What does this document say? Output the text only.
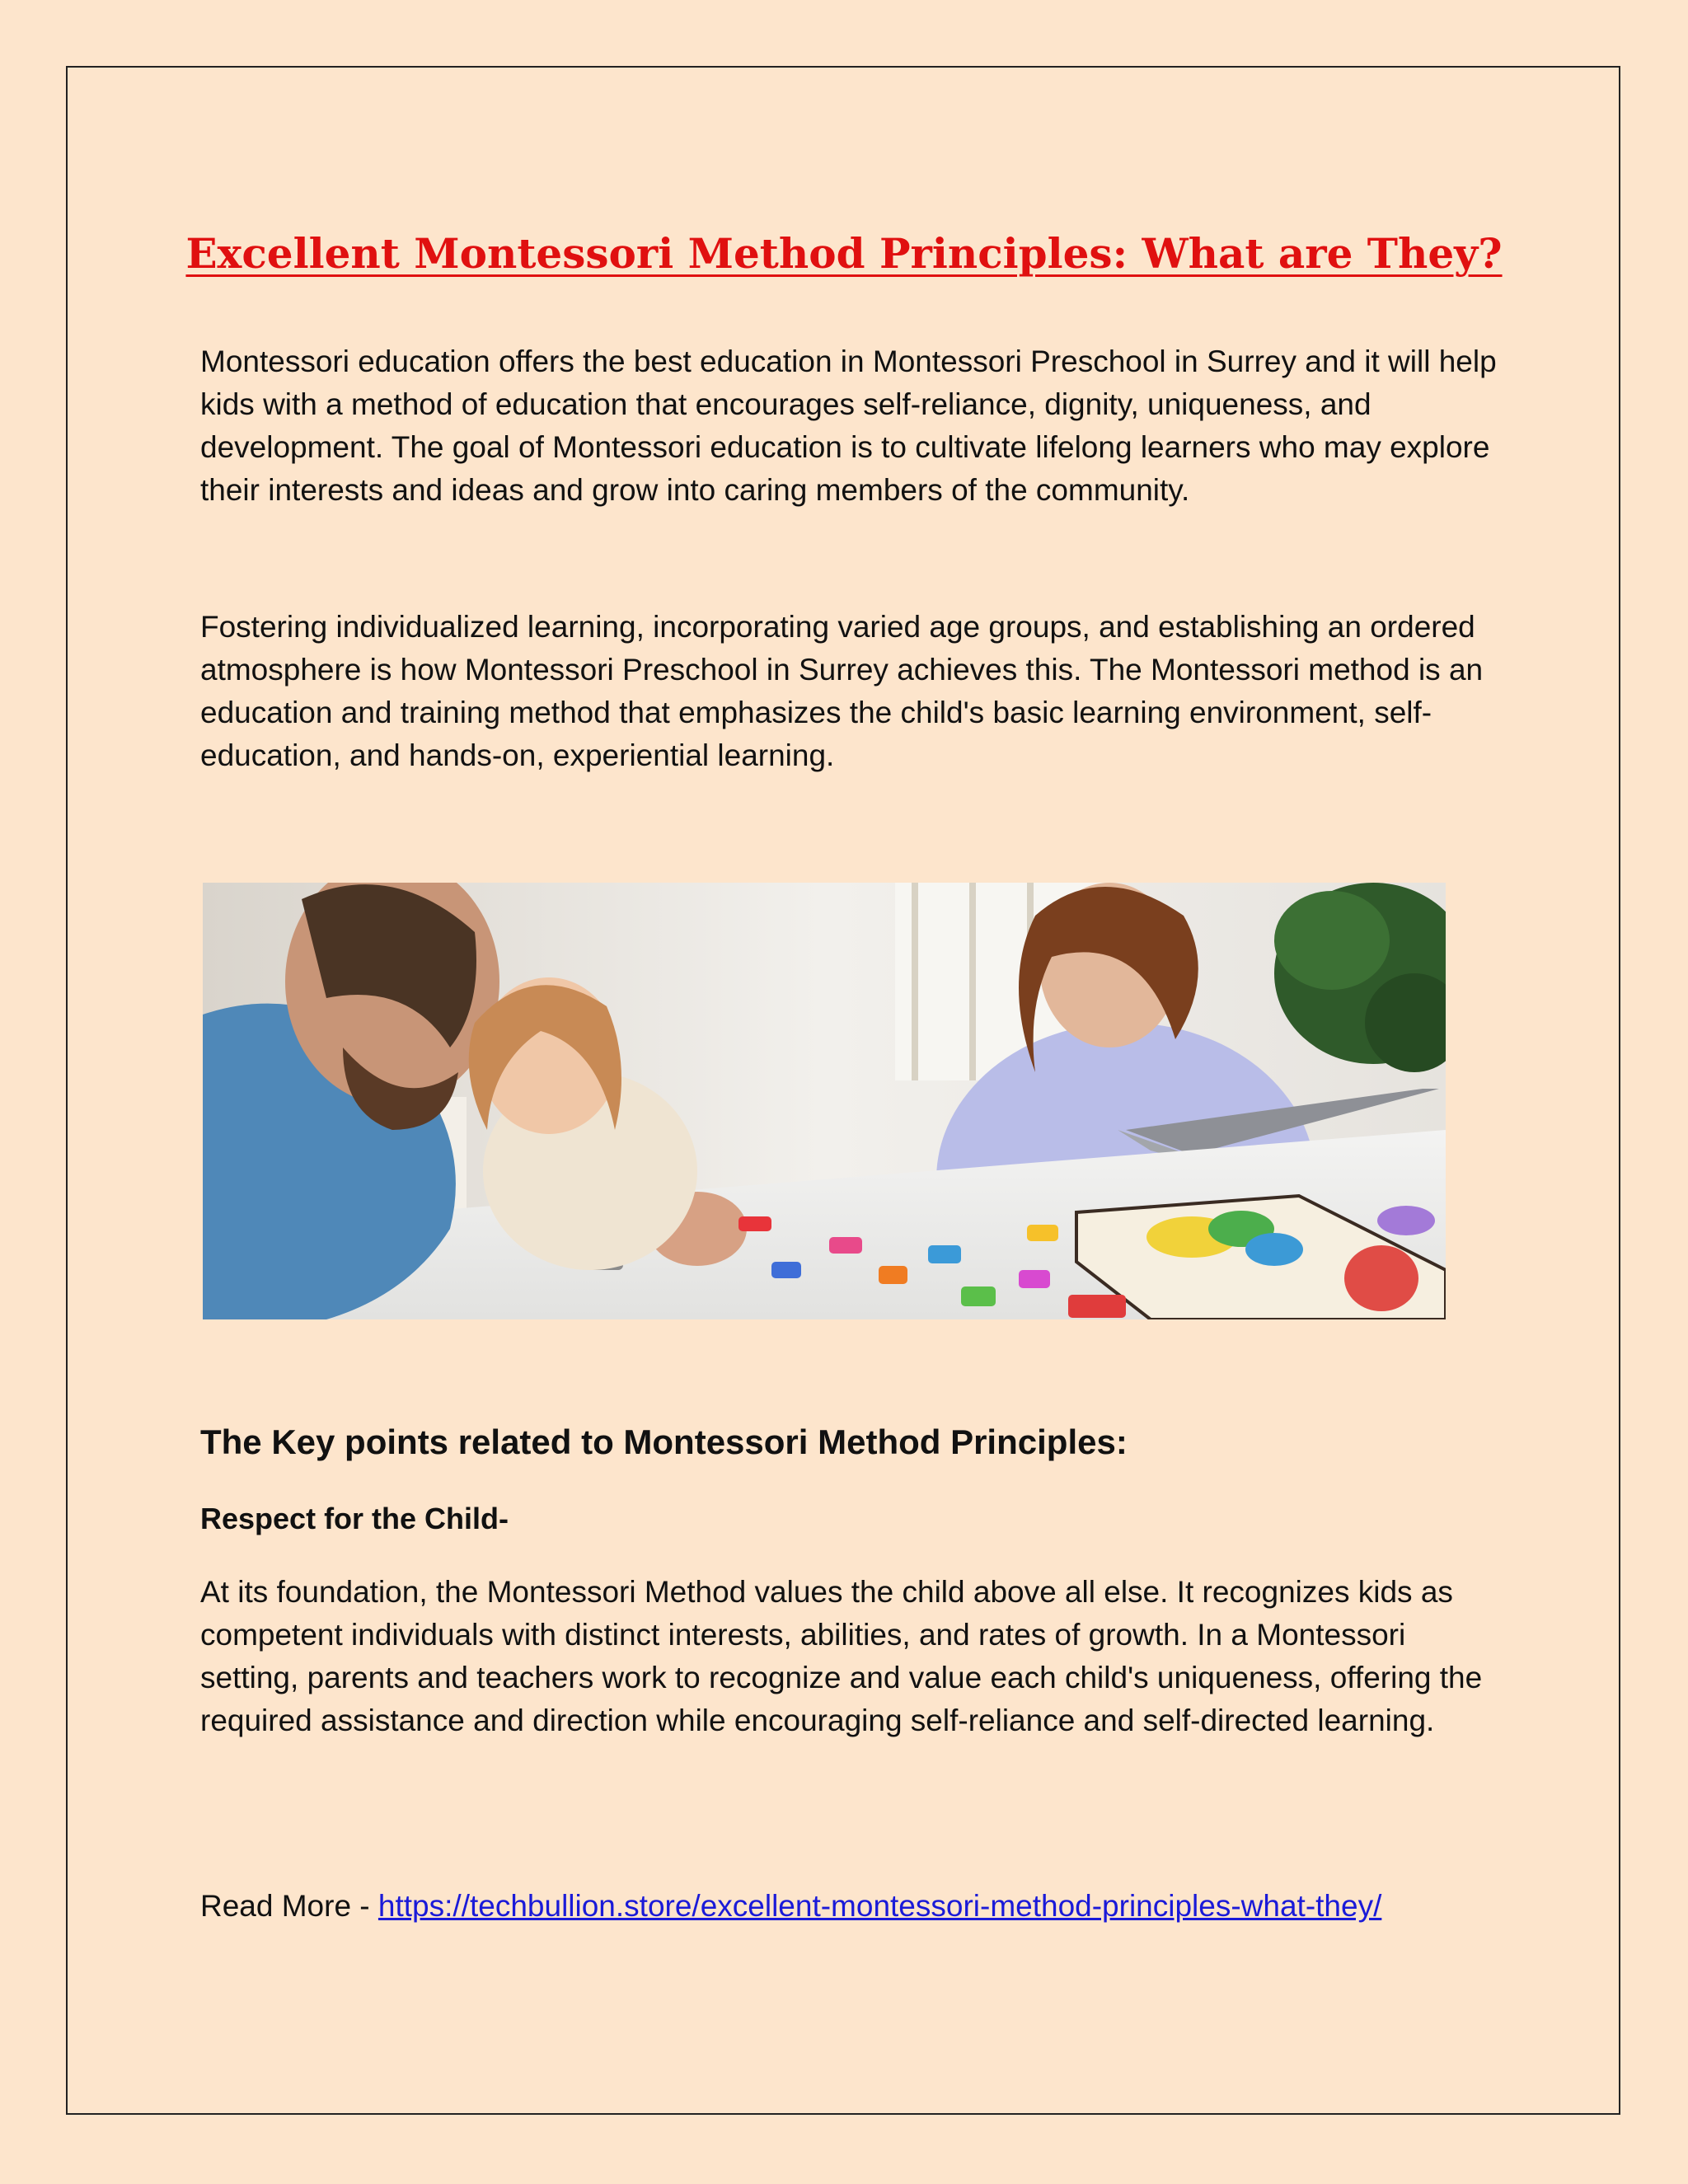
Excellent Montessori Method Principles: What are They?

Montessori education offers the best education in Montessori Preschool in Surrey and it will help kids with a method of education that encourages self-reliance, dignity, uniqueness, and development. The goal of Montessori education is to cultivate lifelong learners who may explore their interests and ideas and grow into caring members of the community.

Fostering individualized learning, incorporating varied age groups, and establishing an ordered atmosphere is how Montessori Preschool in Surrey achieves this. The Montessori method is an education and training method that emphasizes the child's basic learning environment, self-education, and hands-on, experiential learning.

The Key points related to Montessori Method Principles:
Respect for the Child-

At its foundation, the Montessori Method values the child above all else. It recognizes kids as competent individuals with distinct interests, abilities, and rates of growth. In a Montessori setting, parents and teachers work to recognize and value each child's uniqueness, offering the required assistance and direction while encouraging self-reliance and self-directed learning.

Read More - https://techbullion.store/excellent-montessori-method-principles-what-they/
